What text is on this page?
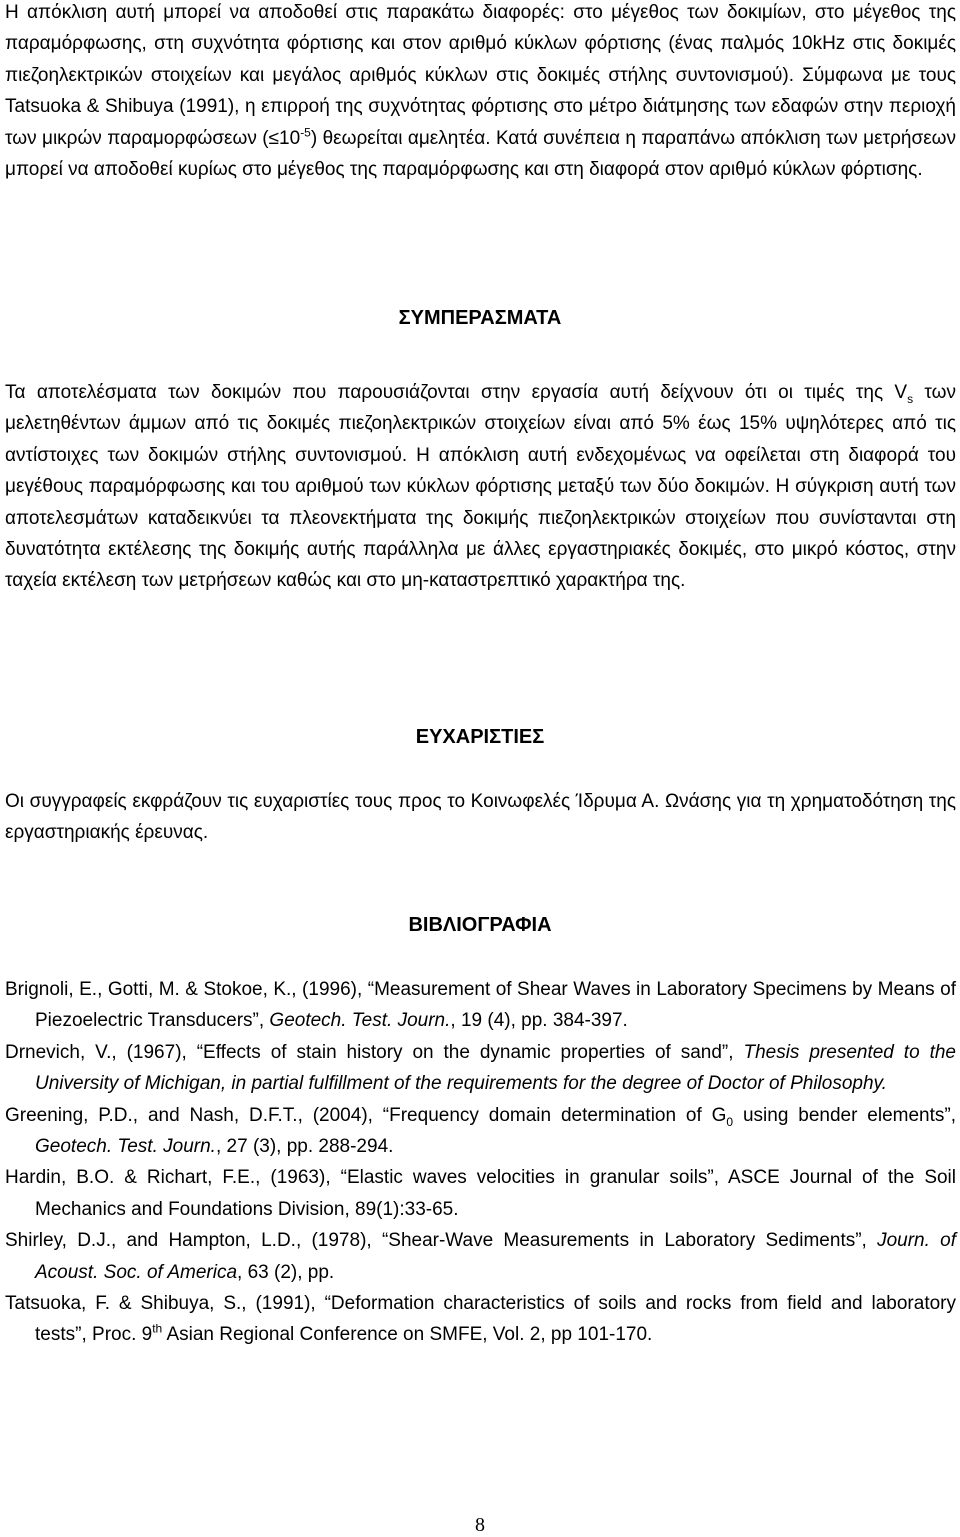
Η απόκλιση αυτή μπορεί να αποδοθεί στις παρακάτω διαφορές: στο μέγεθος των δοκιμίων, στο μέγεθος της παραμόρφωσης, στη συχνότητα φόρτισης και στον αριθμό κύκλων φόρτισης (ένας παλμός 10kHz στις δοκιμές πιεζοηλεκτρικών στοιχείων και μεγάλος αριθμός κύκλων στις δοκιμές στήλης συντονισμού). Σύμφωνα με τους Tatsuoka & Shibuya (1991), η επιρροή της συχνότητας φόρτισης στο μέτρο διάτμησης των εδαφών στην περιοχή των μικρών παραμορφώσεων $(\le 10^{-5})$ θεωρείται αμελητέα. Κατά συνέπεια η παραπάνω απόκλιση των μετρήσεων μπορεί να αποδοθεί κυρίως στο μέγεθος της παραμόρφωσης και στη διαφορά στον αριθμό κύκλων φόρτισης.

ΣΥΜΠΕΡΑΣΜΑΤΑ

Τα αποτελέσματα των δοκιμών που παρουσιάζονται στην εργασία αυτή δείχνουν ότι οι τιμές της $V_s$ των μελετηθέντων άμμων από τις δοκιμές πιεζοηλεκτρικών στοιχείων είναι από 5% έως 15% υψηλότερες από τις αντίστοιχες των δοκιμών στήλης συντονισμού. Η απόκλιση αυτή ενδεχομένως να οφείλεται στη διαφορά του μεγέθους παραμόρφωσης και του αριθμού των κύκλων φόρτισης μεταξύ των δύο δοκιμών. Η σύγκριση αυτή των αποτελεσμάτων καταδεικνύει τα πλεονεκτήματα της δοκιμής πιεζοηλεκτρικών στοιχείων που συνίστανται στη δυνατότητα εκτέλεσης της δοκιμής αυτής παράλληλα με άλλες εργαστηριακές δοκιμές, στο μικρό κόστος, στην ταχεία εκτέλεση των μετρήσεων καθώς και στο μη-καταστρεπτικό χαρακτήρα της.

ΕΥΧΑΡΙΣΤΙΕΣ

Οι συγγραφείς εκφράζουν τις ευχαριστίες τους προς το Κοινωφελές Ίδρυμα Α. Ωνάσης για τη χρηματοδότηση της εργαστηριακής έρευνας.

ΒΙΒΛΙΟΓΡΑΦΙΑ
Brignoli, E., Gotti, M. & Stokoe, K., (1996), “Measurement of Shear Waves in Laboratory Specimens by Means of Piezoelectric Transducers”, Geotech. Test. Journ., 19 (4), pp. 384-397.
Drnevich, V., (1967), “Effects of stain history on the dynamic properties of sand”, Thesis presented to the University of Michigan, in partial fulfillment of the requirements for the degree of Doctor of Philosophy.
Greening, P.D., and Nash, D.F.T., (2004), “Frequency domain determination of $G_0$ using bender elements”, Geotech. Test. Journ., 27 (3), pp. 288-294.
Hardin, B.O. & Richart, F.E., (1963), “Elastic waves velocities in granular soils”, ASCE Journal of the Soil Mechanics and Foundations Division, 89(1):33-65.
Shirley, D.J., and Hampton, L.D., (1978), “Shear-Wave Measurements in Laboratory Sediments”, Journ. of Acoust. Soc. of America, 63 (2), pp.
Tatsuoka, F. & Shibuya, S., (1991), “Deformation characteristics of soils and rocks from field and laboratory tests”, Proc. 9th Asian Regional Conference on SMFE, Vol. 2, pp 101-170.
8
